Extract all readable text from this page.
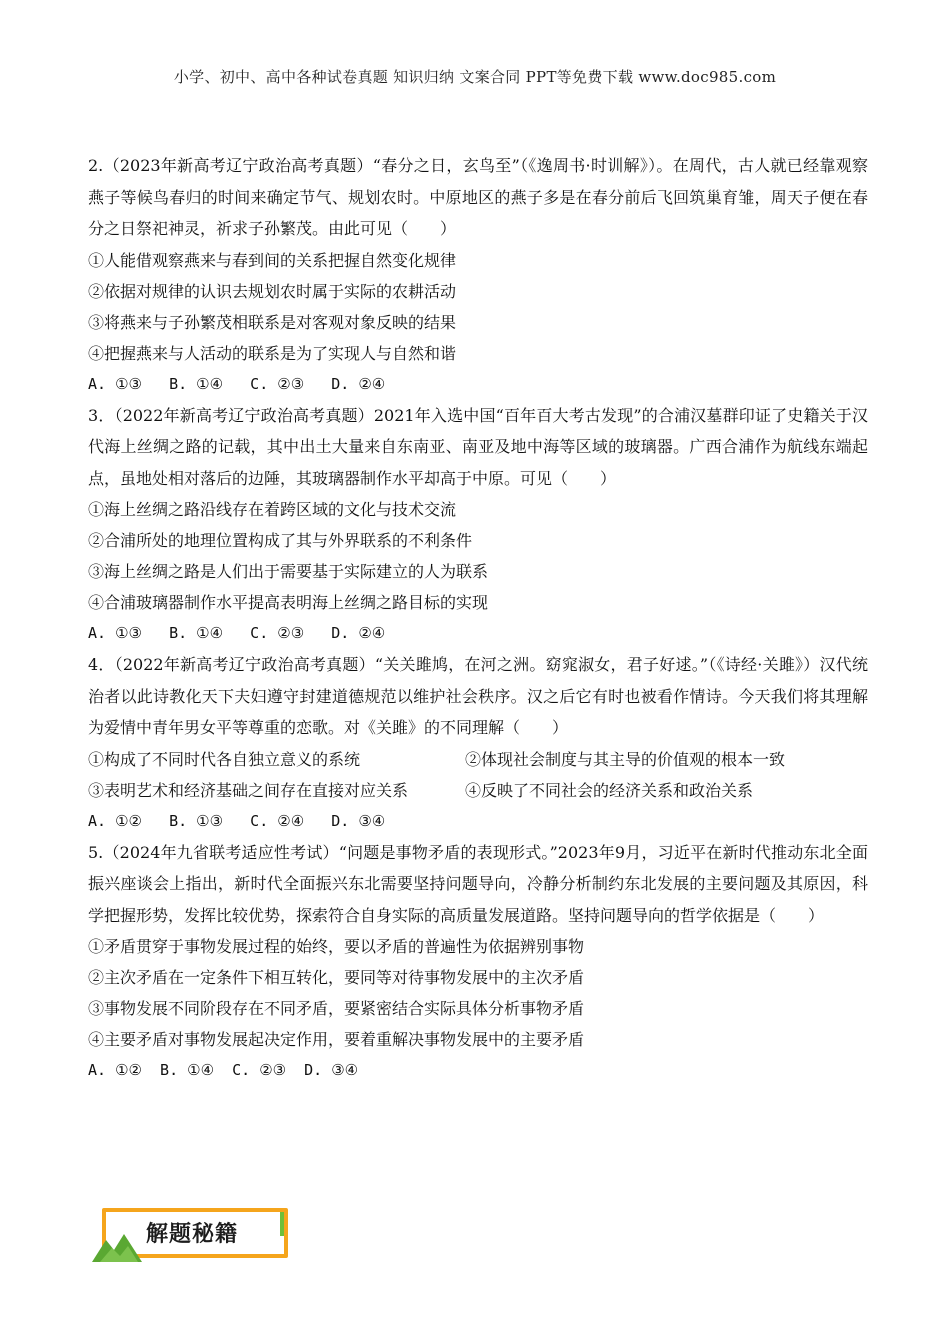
小学、初中、高中各种试卷真题 知识归纳 文案合同 PPT等免费下载 www.doc985.com

2.（2023年新高考辽宁政治高考真题）“春分之日，玄鸟至”（《逸周书·时训解》）。在周代，古人就已经靠观察燕子等候鸟春归的时间来确定节气、规划农时。中原地区的燕子多是在春分前后飞回筑巢育雏，周天子便在春分之日祭祀神灵，祈求子孙繁茂。由此可见（　　）

①人能借观察燕来与春到间的关系把握自然变化规律

②依据对规律的认识去规划农时属于实际的农耕活动

③将燕来与子孙繁茂相联系是对客观对象反映的结果

④把握燕来与人活动的联系是为了实现人与自然和谐

A. ①③   B. ①④   C. ②③   D. ②④

3．（2022年新高考辽宁政治高考真题）2021年入选中国“百年百大考古发现”的合浦汉墓群印证了史籍关于汉代海上丝绸之路的记载，其中出土大量来自东南亚、南亚及地中海等区域的玻璃器。广西合浦作为航线东端起点，虽地处相对落后的边陲，其玻璃器制作水平却高于中原。可见（　　）

①海上丝绸之路沿线存在着跨区域的文化与技术交流

②合浦所处的地理位置构成了其与外界联系的不利条件

③海上丝绸之路是人们出于需要基于实际建立的人为联系

④合浦玻璃器制作水平提高表明海上丝绸之路目标的实现

A. ①③   B. ①④   C. ②③   D. ②④

4．（2022年新高考辽宁政治高考真题）“关关雎鸠，在河之洲。窈窕淑女，君子好逑。”（《诗经·关雎》）汉代统治者以此诗教化天下夫妇遵守封建道德规范以维护社会秩序。汉之后它有时也被看作情诗。今天我们将其理解为爱情中青年男女平等尊重的恋歌。对《关雎》的不同理解（　　）

①构成了不同时代各自独立意义的系统	②体现社会制度与其主导的价值观的根本一致
③表明艺术和经济基础之间存在直接对应关系	④反映了不同社会的经济关系和政治关系

A. ①②   B. ①③   C. ②④   D. ③④

5.（2024年九省联考适应性考试）“问题是事物矛盾的表现形式。”2023年9月，习近平在新时代推动东北全面振兴座谈会上指出，新时代全面振兴东北需要坚持问题导向，冷静分析制约东北发展的主要问题及其原因，科学把握形势，发挥比较优势，探索符合自身实际的高质量发展道路。坚持问题导向的哲学依据是（　　）

①矛盾贯穿于事物发展过程的始终，要以矛盾的普遍性为依据辨别事物

②主次矛盾在一定条件下相互转化，要同等对待事物发展中的主次矛盾

③事物发展不同阶段存在不同矛盾，要紧密结合实际具体分析事物矛盾

④主要矛盾对事物发展起决定作用，要着重解决事物发展中的主要矛盾

A. ①②  B. ①④  C. ②③  D. ③④

解题秘籍
